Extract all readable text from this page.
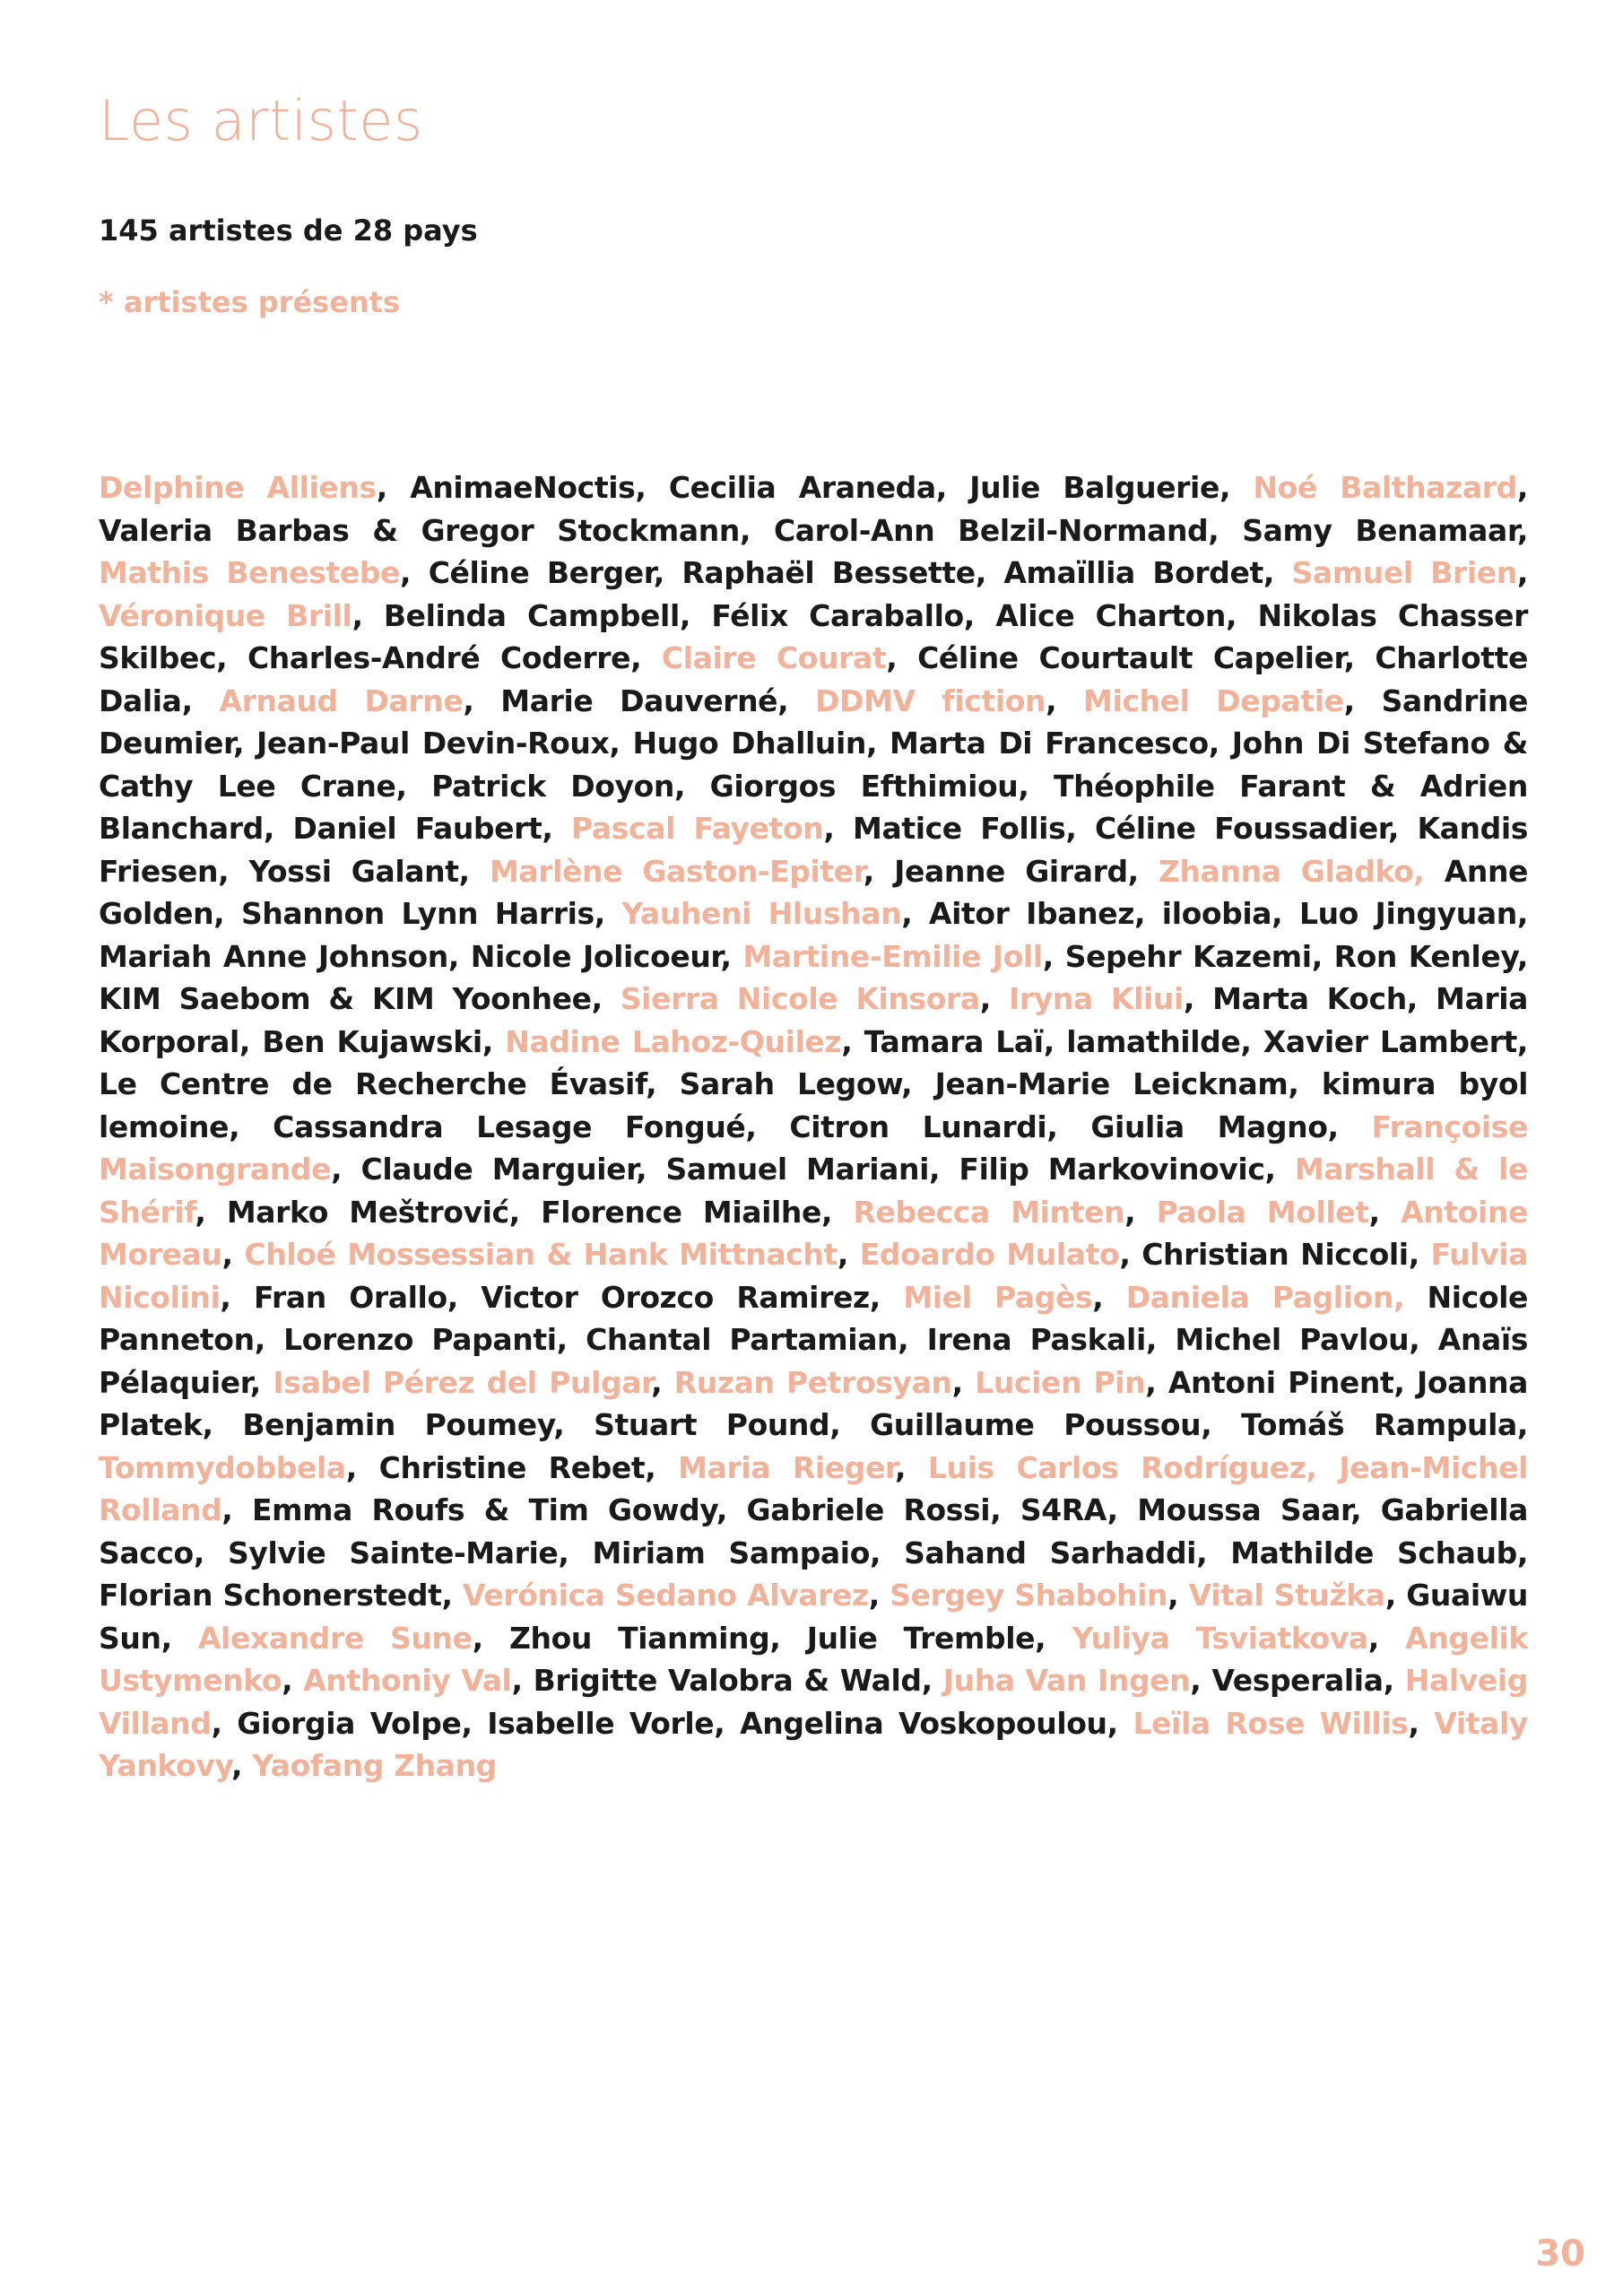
Les artistes

145 artistes de 28 pays

* artistes présents

Delphine Alliens, AnimaeNoctis, Cecilia Araneda, Julie Balguerie, Noé Balthazard, Valeria Barbas & Gregor Stockmann, Carol-Ann Belzil-Normand, Samy Benamaar, Mathis Benestebe, Céline Berger, Raphaël Bessette, Amaïllia Bordet, Samuel Brien, Véronique Brill, Belinda Campbell, Félix Caraballo, Alice Charton, Nikolas Chasser Skilbec, Charles-André Coderre, Claire Courat, Céline Courtault Capelier, Charlotte Dalia, Arnaud Darne, Marie Dauverné, DDMV fiction, Michel Depatie, Sandrine Deumier, Jean-Paul Devin-Roux, Hugo Dhalluin, Marta Di Francesco, John Di Stefano & Cathy Lee Crane, Patrick Doyon, Giorgos Efthimiou, Théophile Farant & Adrien Blanchard, Daniel Faubert, Pascal Fayeton, Matice Follis, Céline Foussadier, Kandis Friesen, Yossi Galant, Marlène Gaston-Epiter, Jeanne Girard, Zhanna Gladko, Anne Golden, Shannon Lynn Harris, Yauheni Hlushan, Aitor Ibanez, iloobia, Luo Jingyuan, Mariah Anne Johnson, Nicole Jolicoeur, Martine-Emilie Joll, Sepehr Kazemi, Ron Kenley, KIM Saebom & KIM Yoonhee, Sierra Nicole Kinsora, Iryna Kliui, Marta Koch, Maria Korporal, Ben Kujawski, Nadine Lahoz-Quilez, Tamara Laï, lamathilde, Xavier Lambert, Le Centre de Recherche Évasif, Sarah Legow, Jean-Marie Leicknam, kimura byol lemoine, Cassandra Lesage Fongué, Citron Lunardi, Giulia Magno, Françoise Maisongrande, Claude Marguier, Samuel Mariani, Filip Markovinovic, Marshall & le Shérif, Marko Meštrović, Florence Miailhe, Rebecca Minten, Paola Mollet, Antoine Moreau, Chloé Mossessian & Hank Mittnacht, Edoardo Mulato, Christian Niccoli, Fulvia Nicolini, Fran Orallo, Victor Orozco Ramirez, Miel Pagès, Daniela Paglion, Nicole Panneton, Lorenzo Papanti, Chantal Partamian, Irena Paskali, Michel Pavlou, Anaïs Pélaquier, Isabel Pérez del Pulgar, Ruzan Petrosyan, Lucien Pin, Antoni Pinent, Joanna Platek, Benjamin Poumey, Stuart Pound, Guillaume Poussou, Tomáš Rampula, Tommydobbela, Christine Rebet, Maria Rieger, Luis Carlos Rodríguez, Jean-Michel Rolland, Emma Roufs & Tim Gowdy, Gabriele Rossi, S4RA, Moussa Saar, Gabriella Sacco, Sylvie Sainte-Marie, Miriam Sampaio, Sahand Sarhaddi, Mathilde Schaub, Florian Schonerstedt, Verónica Sedano Alvarez, Sergey Shabohin, Vital Stužka, Guaiwu Sun, Alexandre Sune, Zhou Tianming, Julie Tremble, Yuliya Tsviatkova, Angelik Ustymenko, Anthoniy Val, Brigitte Valobra & Wald, Juha Van Ingen, Vesperalia, Halveig Villand, Giorgia Volpe, Isabelle Vorle, Angelina Voskopoulou, Leïla Rose Willis, Vitaly Yankovy, Yaofang Zhang

30
